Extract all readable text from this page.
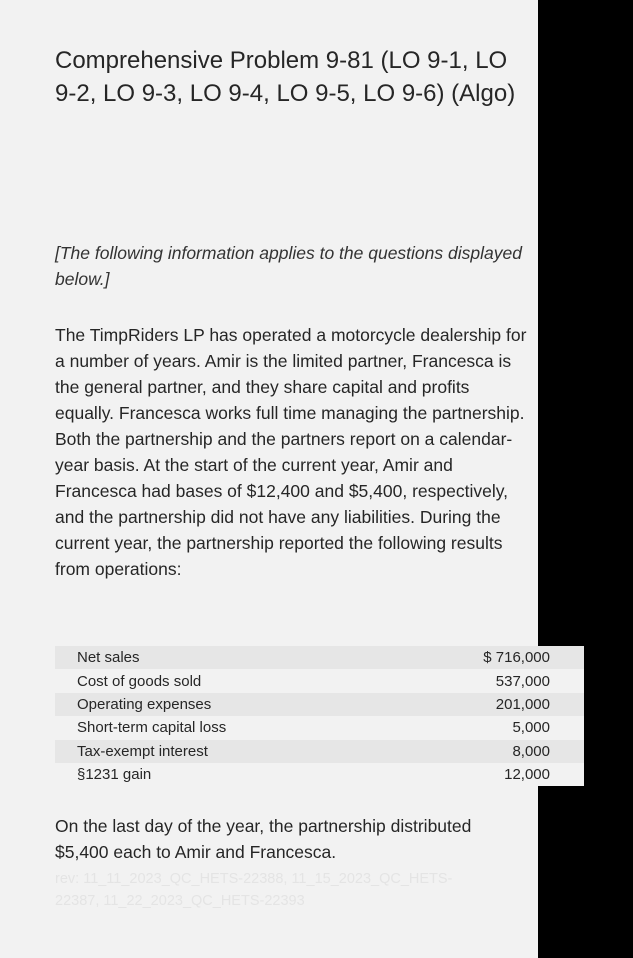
Comprehensive Problem 9-81 (LO 9-1, LO 9-2, LO 9-3, LO 9-4, LO 9-5, LO 9-6) (Algo)
[The following information applies to the questions displayed below.]
The TimpRiders LP has operated a motorcycle dealership for a number of years. Amir is the limited partner, Francesca is the general partner, and they share capital and profits equally. Francesca works full time managing the partnership. Both the partnership and the partners report on a calendar-year basis. At the start of the current year, Amir and Francesca had bases of $12,400 and $5,400, respectively, and the partnership did not have any liabilities. During the current year, the partnership reported the following results from operations:
On the last day of the year, the partnership distributed $5,400 each to Amir and Francesca.
rev: 11_11_2023_QC_HETS-22388, 11_15_2023_QC_HETS-22387, 11_22_2023_QC_HETS-22393
Net sales	$ 716,000
Cost of goods sold	537,000
Operating expenses	201,000
Short-term capital loss	5,000
Tax-exempt interest	8,000
§1231 gain	12,000
